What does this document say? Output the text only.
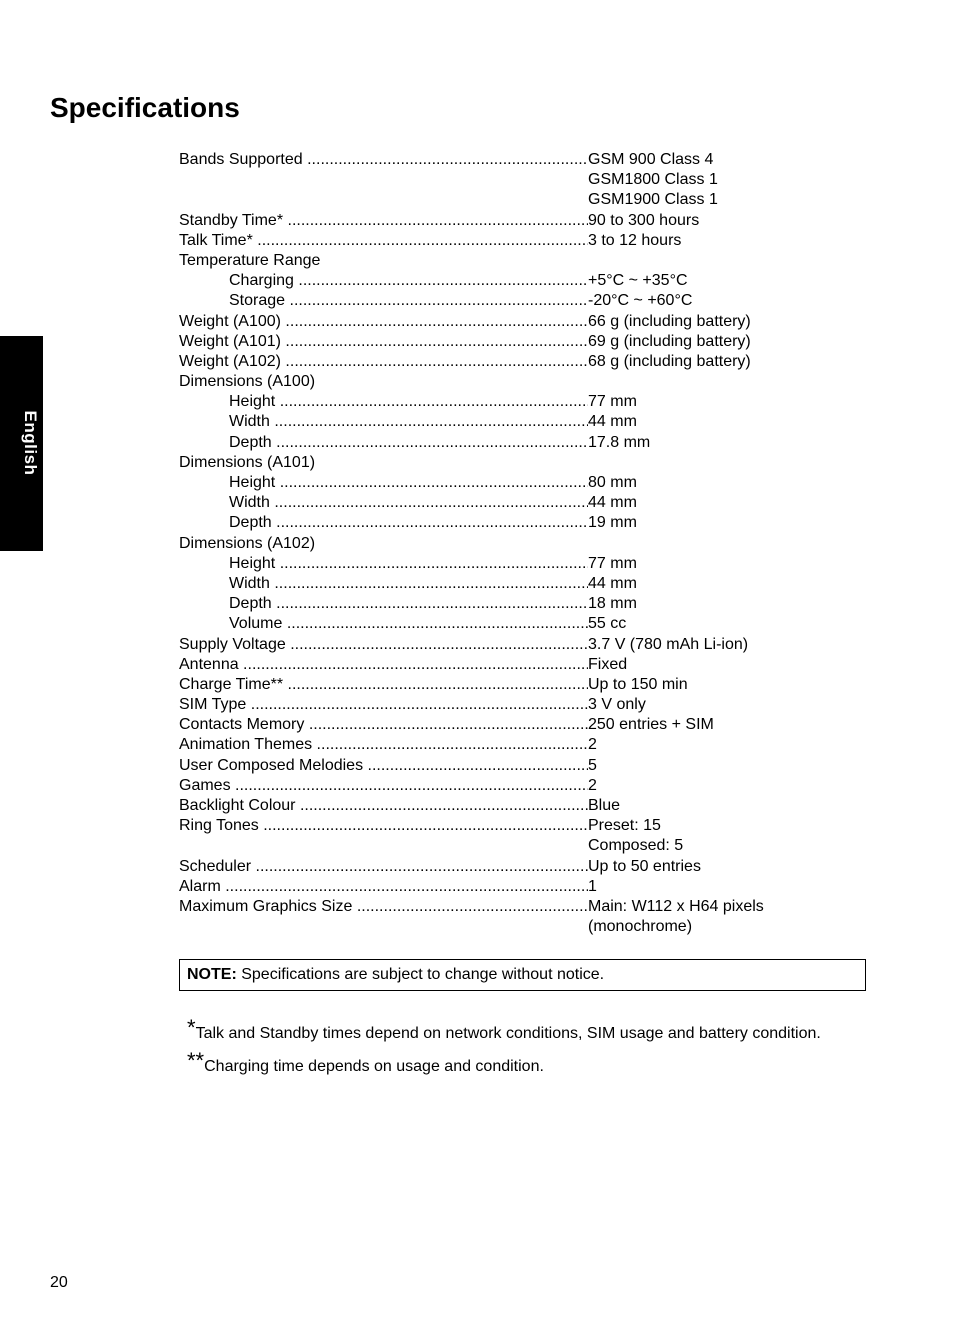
Specifications
English
Bands Supported .....	GSM 900 Class 4
GSM1800 Class 1
GSM1900 Class 1
Standby Time* .....	90 to 300 hours
Talk Time* .....	3 to 12 hours
Temperature Range
Charging .....	+5°C ~ +35°C
Storage .....	-20°C ~ +60°C
Weight (A100) .....	66 g (including battery)
Weight (A101) .....	69 g (including battery)
Weight (A102) .....	68 g (including battery)
Dimensions (A100)
Height .....	77 mm
Width .....	44 mm
Depth .....	17.8 mm
Dimensions (A101)
Height .....	80 mm
Width .....	44 mm
Depth .....	19 mm
Dimensions (A102)
Height .....	77 mm
Width .....	44 mm
Depth .....	18 mm
Volume .....	55 cc
Supply Voltage .....	3.7 V (780 mAh Li-ion)
Antenna .....	Fixed
Charge Time** .....	Up to 150 min
SIM Type .....	3 V only
Contacts Memory .....	250 entries + SIM
Animation Themes .....	2
User Composed Melodies .....	5
Games .....	2
Backlight Colour .....	Blue
Ring Tones .....	Preset: 15
Composed: 5
Scheduler .....	Up to 50 entries
Alarm .....	1
Maximum Graphics Size .....	Main: W112 x H64 pixels
(monochrome)
NOTE: Specifications are subject to change without notice.

*Talk and Standby times depend on network conditions, SIM usage and battery condition.

**Charging time depends on usage and condition.

20
